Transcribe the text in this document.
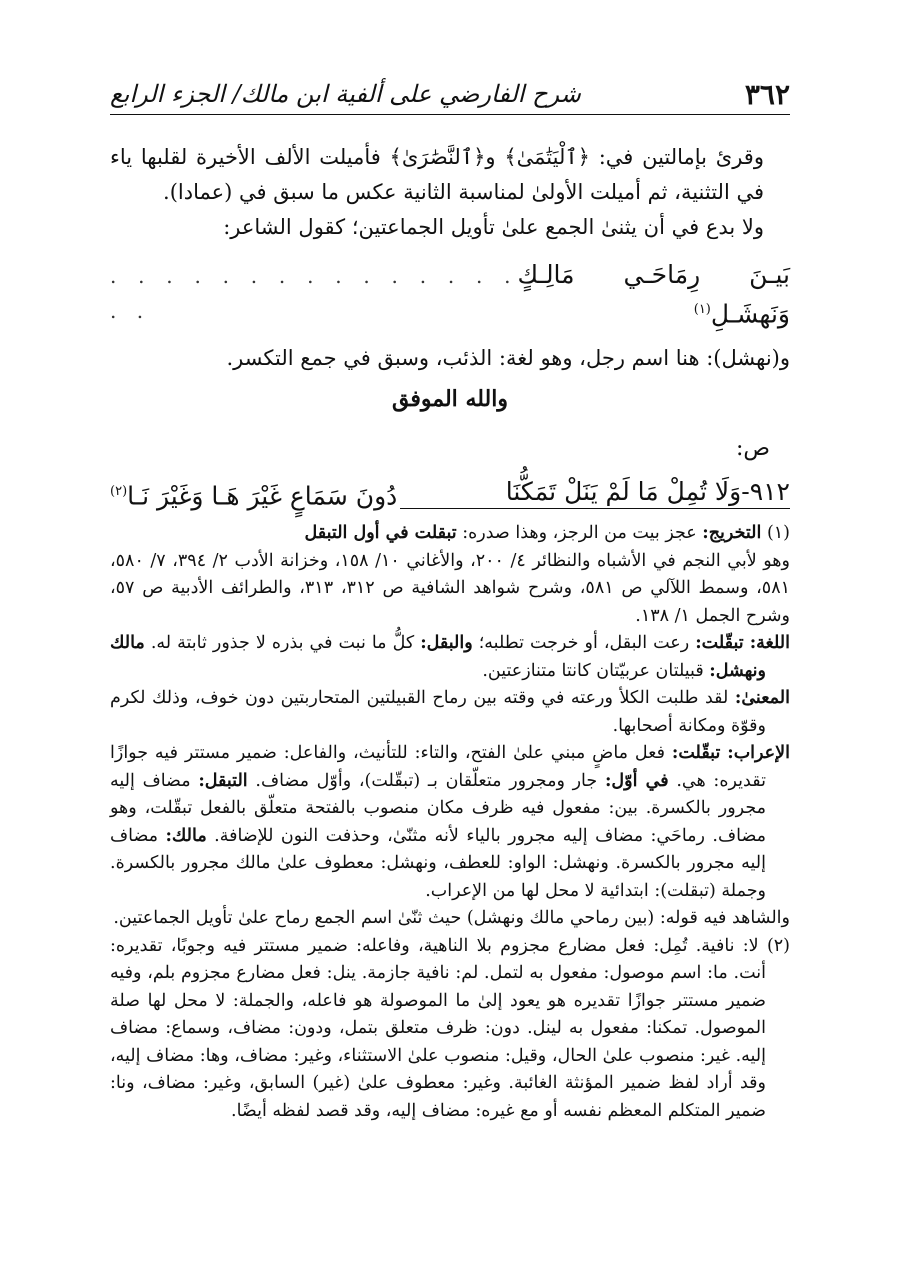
٣٦٢
شرح الفارضي على ألفية ابن مالك/ الجزء الرابع

وقرئ بإمالتين في: ﴿ٱلْيَتَٰمَىٰ﴾ و﴿ٱلنَّصَٰرَىٰ﴾ فأميلت الألف الأخيرة لقلبها ياء في التثنية، ثم أميلت الأولىٰ لمناسبة الثانية عكس ما سبق في (عمادا).

ولا بدع في أن يثنىٰ الجمع علىٰ تأويل الجماعتين؛ كقول الشاعر:

بَيـنَ رِمَاحَـي مَالِـكٍ وَنَهشَـلِ$^{(١)}$
. . . . . . . . . . . . . . . . .

و(نهشل): هنا اسم رجل، وهو لغة: الذئب، وسبق في جمع التكسر.

والله الموفق
ص:
٩١٢-وَلَا تُمِلْ مَا لَمْ يَنَلْ تَمَكُّنَا
دُونَ سَمَاعٍ غَيْرَ هَـا وَغَيْرَ نَـا$^{(٢)}$

(١) التخريج: عجز بيت من الرجز، وهذا صدره: تبقلت في أول التبقل

وهو لأبي النجم في الأشباه والنظائر ٤/ ٢٠٠، والأغاني ١٠/ ١٥٨، وخزانة الأدب ٢/ ٣٩٤، ٧/ ٥٨٠، ٥٨١، وسمط اللآلي ص ٥٨١، وشرح شواهد الشافية ص ٣١٢، ٣١٣، والطرائف الأدبية ص ٥٧، وشرح الجمل ١/ ١٣٨.

اللغة: تبقّلت: رعت البقل، أو خرجت تطلبه؛ والبقل: كلُّ ما نبت في بذره لا جذور ثابتة له. مالك ونهشل: قبيلتان عربيّتان كانتا متنازعتين.

المعنىٰ: لقد طلبت الكلأ ورعته في وقته بين رماح القبيلتين المتحاربتين دون خوف، وذلك لكرم وقوّة ومكانة أصحابها.

الإعراب: تبقّلت: فعل ماضٍ مبني علىٰ الفتح، والتاء: للتأنيث، والفاعل: ضمير مستتر فيه جوازًا تقديره: هي. في أوّل: جار ومجرور متعلّقان بـ (تبقّلت)، وأوّل مضاف. التبقل: مضاف إليه مجرور بالكسرة. بين: مفعول فيه ظرف مكان منصوب بالفتحة متعلّق بالفعل تبقّلت، وهو مضاف. رماحَي: مضاف إليه مجرور بالياء لأنه مثنّىٰ، وحذفت النون للإضافة. مالك: مضاف إليه مجرور بالكسرة. ونهشل: الواو: للعطف، ونهشل: معطوف علىٰ مالك مجرور بالكسرة. وجملة (تبقلت): ابتدائية لا محل لها من الإعراب.

والشاهد فيه قوله: (بين رماحي مالك ونهشل) حيث ثنّىٰ اسم الجمع رماح علىٰ تأويل الجماعتين.

(٢) لا: نافية. تُمِل: فعل مضارع مجزوم بلا الناهية، وفاعله: ضمير مستتر فيه وجوبًا، تقديره: أنت. ما: اسم موصول: مفعول به لتمل. لم: نافية جازمة. ينل: فعل مضارع مجزوم بلم، وفيه ضمير مستتر جوازًا تقديره هو يعود إلىٰ ما الموصولة هو فاعله، والجملة: لا محل لها صلة الموصول. تمكنا: مفعول به لينل. دون: ظرف متعلق بتمل، ودون: مضاف، وسماع: مضاف إليه. غير: منصوب علىٰ الحال، وقيل: منصوب علىٰ الاستثناء، وغير: مضاف، وها: مضاف إليه، وقد أراد لفظ ضمير المؤنثة الغائبة. وغير: معطوف علىٰ (غير) السابق، وغير: مضاف، ونا: ضمير المتكلم المعظم نفسه أو مع غيره: مضاف إليه، وقد قصد لفظه أيضًا.
